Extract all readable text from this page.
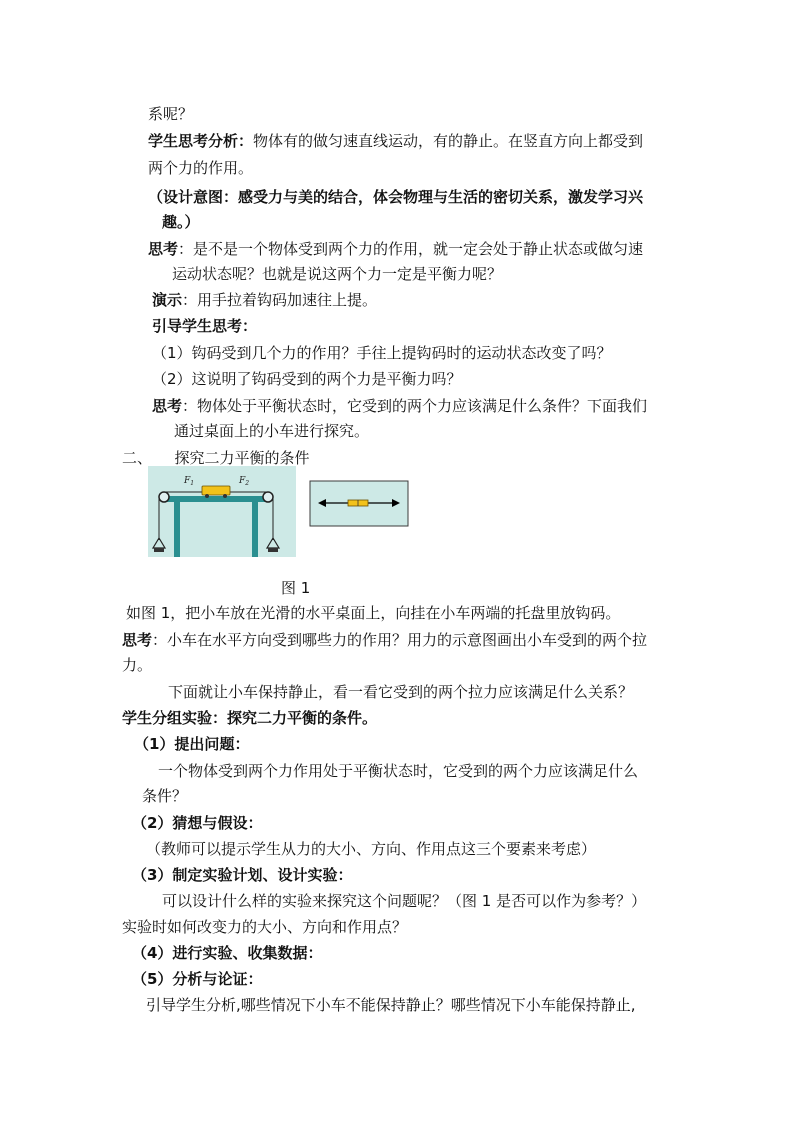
$F_1$	$F_2$
系呢？
学生思考分析：物体有的做匀速直线运动，有的静止。在竖直方向上都受到
两个力的作用。
（设计意图：感受力与美的结合，体会物理与生活的密切关系，激发学习兴
趣。）
思考：是不是一个物体受到两个力的作用，就一定会处于静止状态或做匀速
运动状态呢？也就是说这两个力一定是平衡力呢？
演示：用手拉着钩码加速往上提。
引导学生思考：
（1）钩码受到几个力的作用？手往上提钩码时的运动状态改变了吗？
（2）这说明了钩码受到的两个力是平衡力吗？
思考：物体处于平衡状态时，它受到的两个力应该满足什么条件？下面我们
通过桌面上的小车进行探究。
二、　　探究二力平衡的条件
图 1
如图 1，把小车放在光滑的水平桌面上，向挂在小车两端的托盘里放钩码。
思考：小车在水平方向受到哪些力的作用？用力的示意图画出小车受到的两个拉
力。
下面就让小车保持静止，看一看它受到的两个拉力应该满足什么关系？
学生分组实验：探究二力平衡的条件。
（1）提出问题：
一个物体受到两个力作用处于平衡状态时，它受到的两个力应该满足什么
条件？
（2）猜想与假设：
（教师可以提示学生从力的大小、方向、作用点这三个要素来考虑）
（3）制定实验计划、设计实验：
可以设计什么样的实验来探究这个问题呢？（图 1 是否可以作为参考？）
实验时如何改变力的大小、方向和作用点？
（4）进行实验、收集数据：
（5）分析与论证：
引导学生分析,哪些情况下小车不能保持静止？哪些情况下小车能保持静止,
